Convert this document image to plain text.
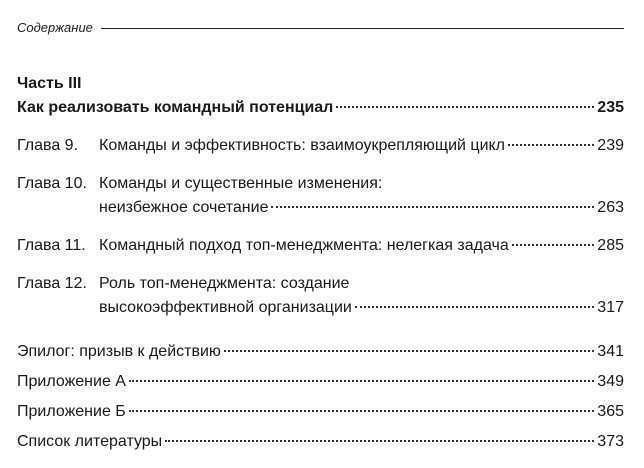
Содержание
Часть III
Как реализовать командный потенциал	235
Глава 9.	Команды и эффективность: взаимоукрепляющий цикл	239
Глава 10. Команды и существенные изменения:
неизбежное сочетание	263
Глава 11. Командный подход топ-менеджмента: нелегкая задача	285
Глава 12. Роль топ-менеджмента: создание
высокоэффективной организации	317
Эпилог: призыв к действию	341
Приложение А	349
Приложение Б	365
Список литературы	373
